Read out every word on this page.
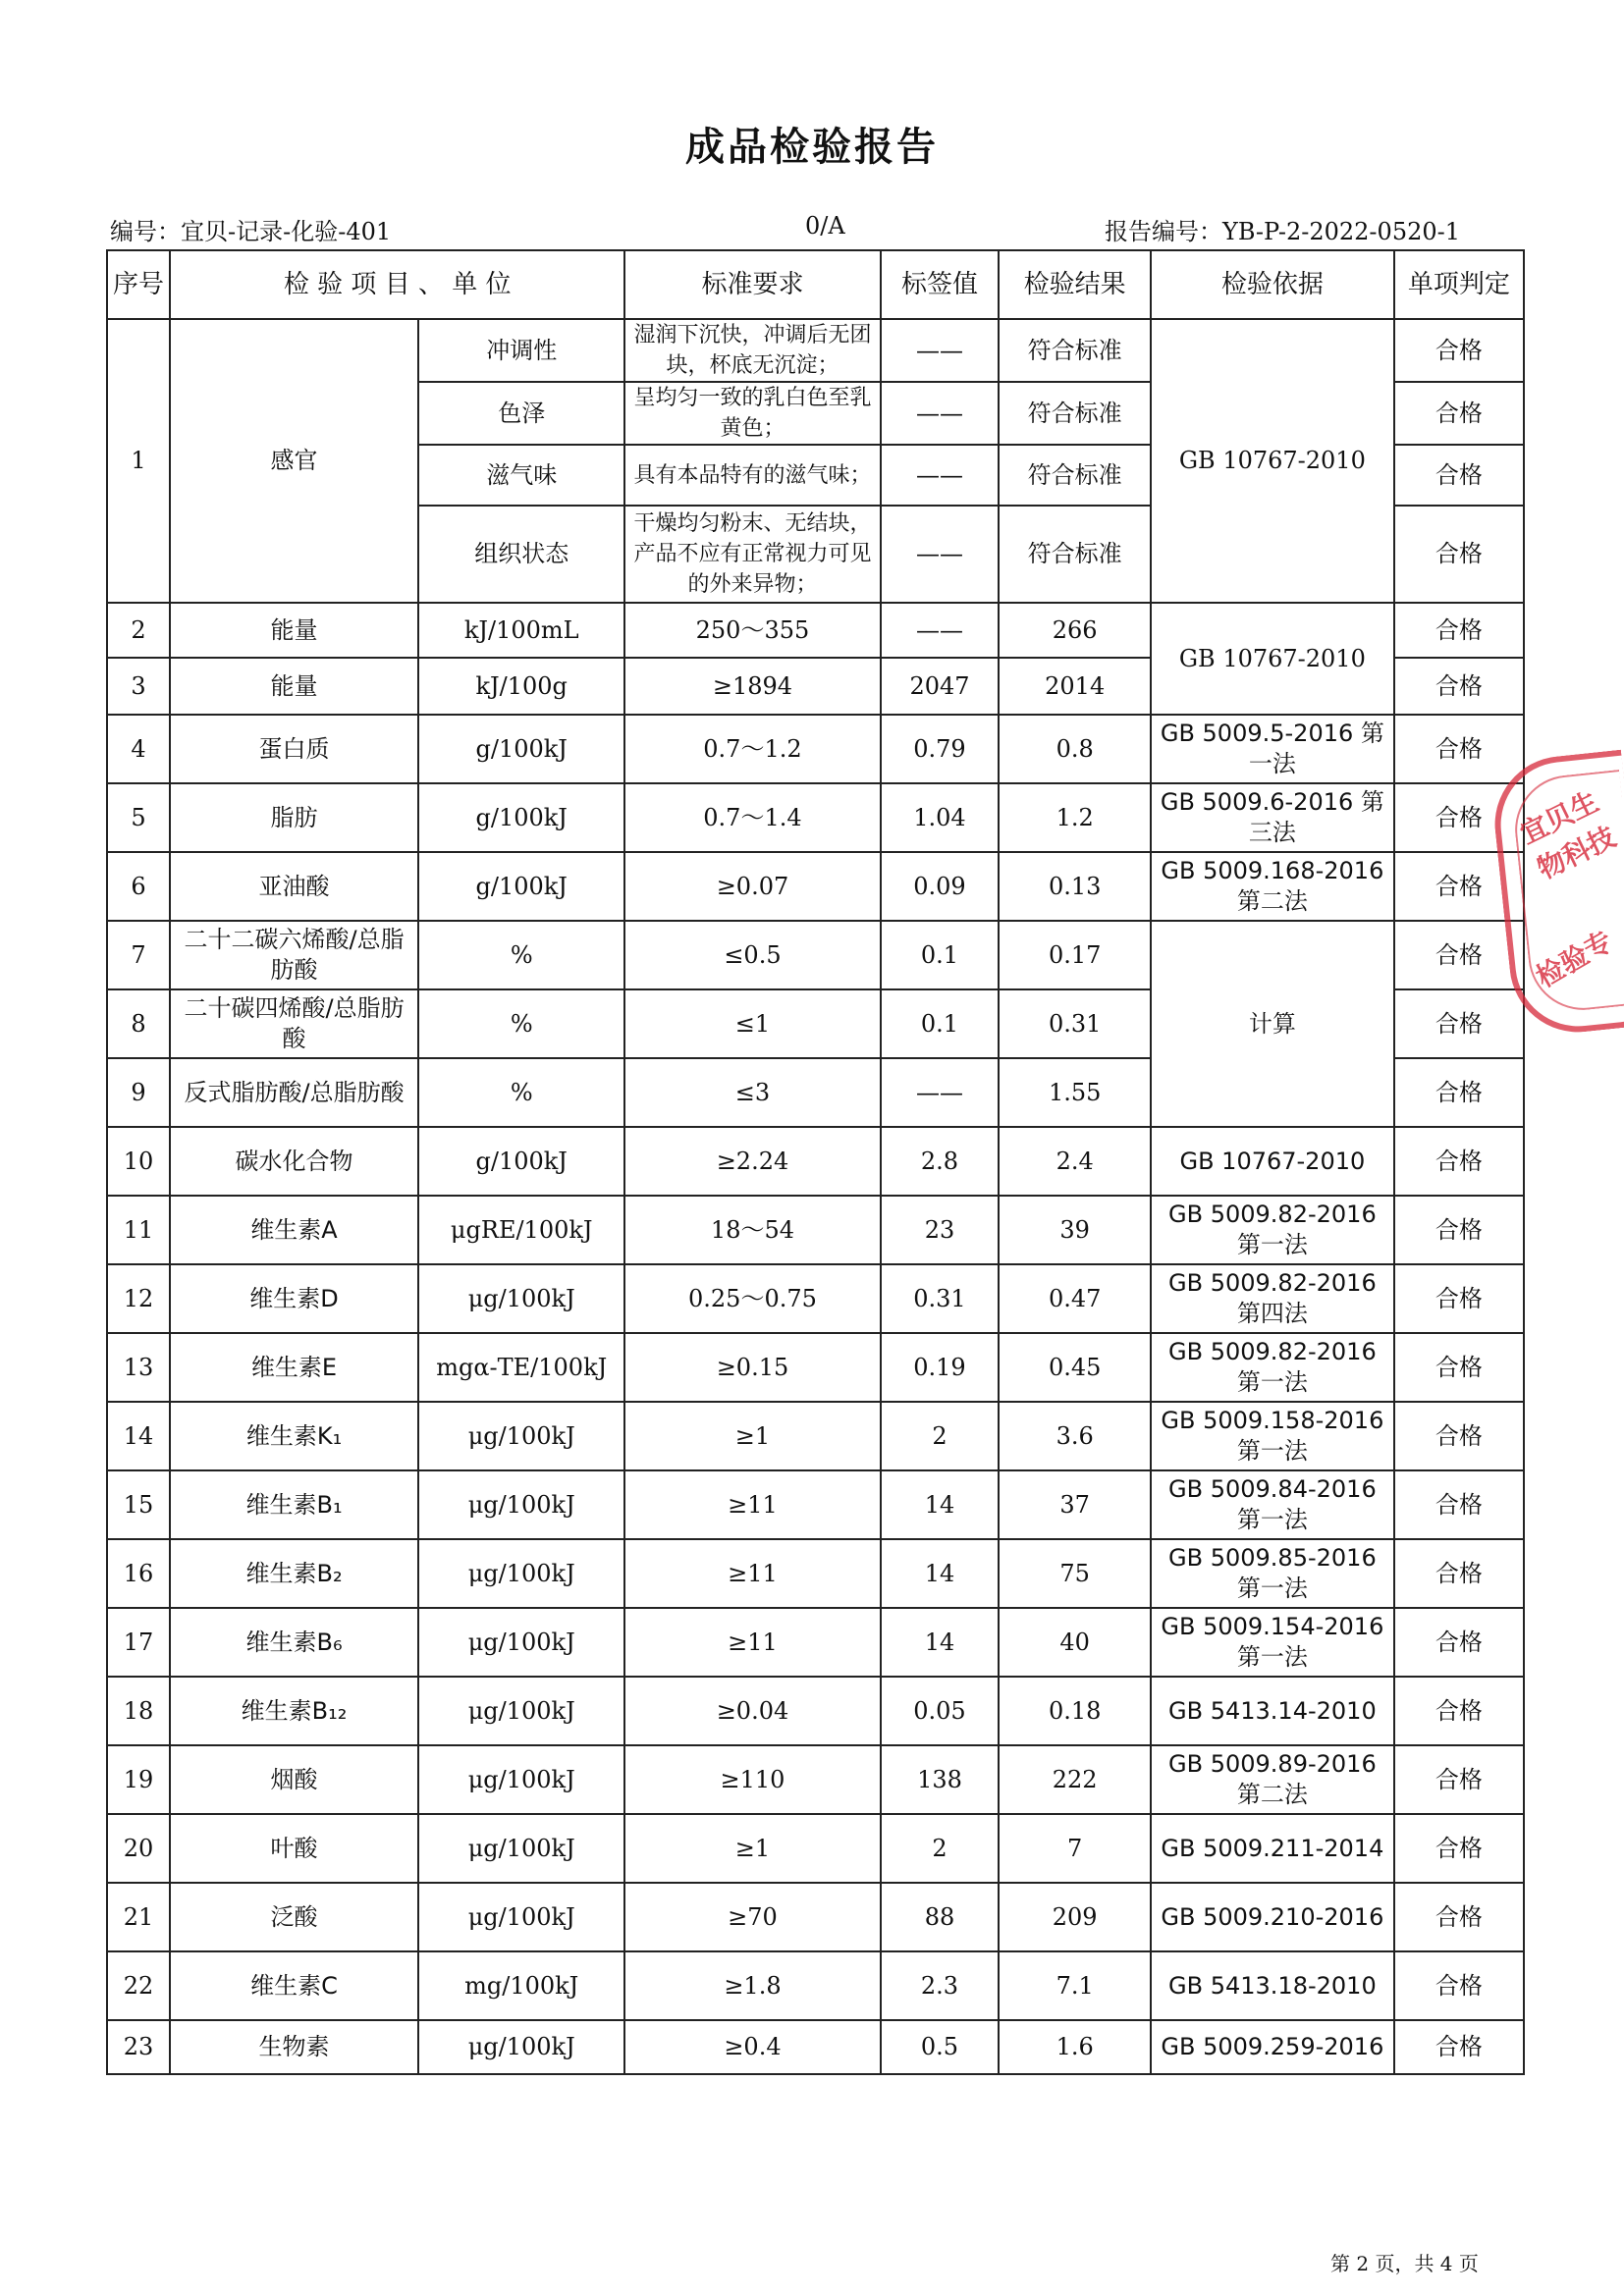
成品检验报告
编号：宜贝-记录-化验-401	0/A	报告编号：YB-P-2-2022-0520-1
序号	检 验 项 目 、 单 位		标准要求	标签值	检验结果	检验依据	单项判定
1	感官	冲调性	湿润下沉快，冲调后无团块，杯底无沉淀；	——	符合标准	GB 10767-2010	合格
		色泽	呈均匀一致的乳白色至乳黄色；	——	符合标准		合格
		滋气味	具有本品特有的滋气味；	——	符合标准		合格
		组织状态	干燥均匀粉末、无结块，产品不应有正常视力可见的外来异物；	——	符合标准		合格
2	能量	kJ/100mL	250～355	——	266	GB 10767-2010	合格
3	能量	kJ/100g	≥1894	2047	2014		合格
4	蛋白质	g/100kJ	0.7～1.2	0.79	0.8	GB 5009.5-2016 第一法	合格
5	脂肪	g/100kJ	0.7～1.4	1.04	1.2	GB 5009.6-2016 第三法	合格
6	亚油酸	g/100kJ	≥0.07	0.09	0.13	GB 5009.168-2016 第二法	合格
7	二十二碳六烯酸/总脂肪酸	%	≤0.5	0.1	0.17	计算	合格
8	二十碳四烯酸/总脂肪酸	%	≤1	0.1	0.31		合格
9	反式脂肪酸/总脂肪酸	%	≤3	——	1.55		合格
10	碳水化合物	g/100kJ	≥2.24	2.8	2.4	GB 10767-2010	合格
11	维生素A	μgRE/100kJ	18～54	23	39	GB 5009.82-2016 第一法	合格
12	维生素D	μg/100kJ	0.25～0.75	0.31	0.47	GB 5009.82-2016 第四法	合格
13	维生素E	mgα-TE/100kJ	≥0.15	0.19	0.45	GB 5009.82-2016 第一法	合格
14	维生素K₁	μg/100kJ	≥1	2	3.6	GB 5009.158-2016 第一法	合格
15	维生素B₁	μg/100kJ	≥11	14	37	GB 5009.84-2016 第一法	合格
16	维生素B₂	μg/100kJ	≥11	14	75	GB 5009.85-2016 第一法	合格
17	维生素B₆	μg/100kJ	≥11	14	40	GB 5009.154-2016 第一法	合格
18	维生素B₁₂	μg/100kJ	≥0.04	0.05	0.18	GB 5413.14-2010	合格
19	烟酸	μg/100kJ	≥110	138	222	GB 5009.89-2016 第二法	合格
20	叶酸	μg/100kJ	≥1	2	7	GB 5009.211-2014	合格
21	泛酸	μg/100kJ	≥70	88	209	GB 5009.210-2016	合格
22	维生素C	mg/100kJ	≥1.8	2.3	7.1	GB 5413.18-2010	合格
23	生物素	μg/100kJ	≥0.4	0.5	1.6	GB 5009.259-2016	合格
宜贝生物科技
检验专
第 2 页，共 4 页
